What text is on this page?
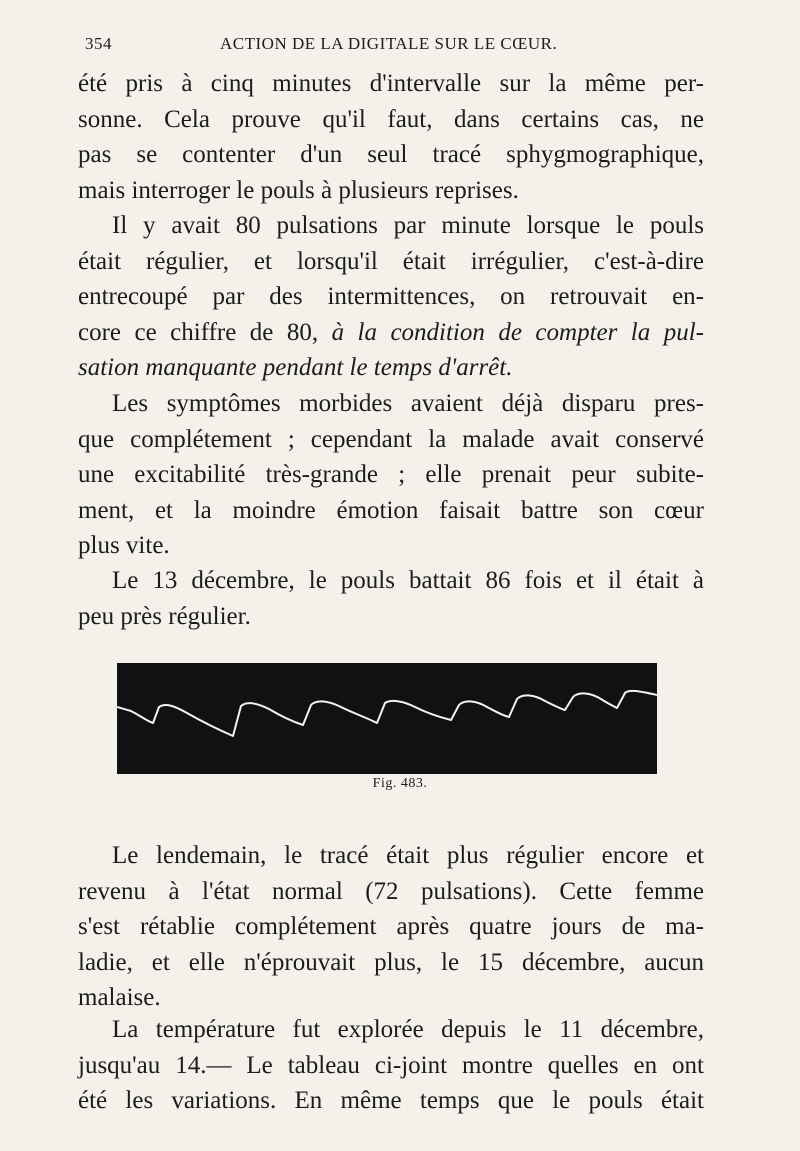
354	ACTION DE LA DIGITALE SUR LE CŒUR.
été pris à cinq minutes d'intervalle sur la même per-
sonne. Cela prouve qu'il faut, dans certains cas, ne
pas se contenter d'un seul tracé sphygmographique,
mais interroger le pouls à plusieurs reprises.
Il y avait 80 pulsations par minute lorsque le pouls
était régulier, et lorsqu'il était irrégulier, c'est-à-dire
entrecoupé par des intermittences, on retrouvait en-
core ce chiffre de 80, à la condition de compter la pul-
sation manquante pendant le temps d'arrêt.
Les symptômes morbides avaient déjà disparu pres-
que complétement ; cependant la malade avait conservé
une excitabilité très-grande ; elle prenait peur subite-
ment, et la moindre émotion faisait battre son cœur
plus vite.
Le 13 décembre, le pouls battait 86 fois et il était à
peu près régulier.
Fig. 483.
Le lendemain, le tracé était plus régulier encore et
revenu à l'état normal (72 pulsations). Cette femme
s'est rétablie complétement après quatre jours de ma-
ladie, et elle n'éprouvait plus, le 15 décembre, aucun
malaise.
La température fut explorée depuis le 11 décembre,
jusqu'au 14.— Le tableau ci-joint montre quelles en ont
été les variations. En même temps que le pouls était
